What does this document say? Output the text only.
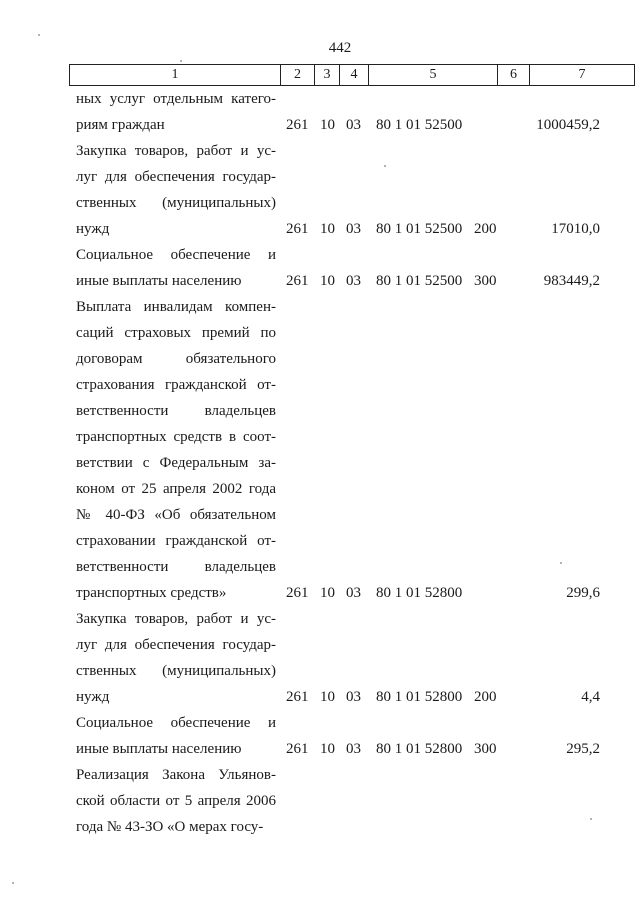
442
1	2	3	4	5	6	7
ных услуг отдельным катего-
риям граждан	261 10 03 80 1 01 52500	1000459,2
Закупка товаров, работ и ус-
луг для обеспечения государ-
ственных (муниципальных)
нужд	261 10 03 80 1 01 52500 200	17010,0
Социальное обеспечение и
иные выплаты населению	261 10 03 80 1 01 52500 300	983449,2
Выплата инвалидам компен-
саций страховых премий по
договорам обязательного
страхования гражданской от-
ветственности владельцев
транспортных средств в соот-
ветствии с Федеральным за-
коном от 25 апреля 2002 года
№ 40-ФЗ «Об обязательном
страховании гражданской от-
ветственности владельцев
транспортных средств»	261 10 03 80 1 01 52800	299,6
Закупка товаров, работ и ус-
луг для обеспечения государ-
ственных (муниципальных)
нужд	261 10 03 80 1 01 52800 200	4,4
Социальное обеспечение и
иные выплаты населению	261 10 03 80 1 01 52800 300	295,2
Реализация Закона Ульянов-
ской области от 5 апреля 2006
года № 43-ЗО «О мерах госу-
